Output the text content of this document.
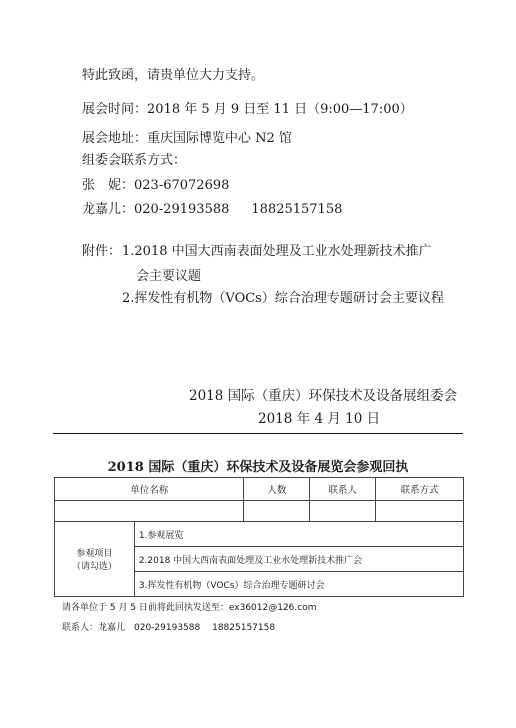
特此致函，请贵单位大力支持。
展会时间：2018 年 5 月 9 日至 11 日（9:00—17:00）
展会地址：重庆国际博览中心 N2 馆
组委会联系方式：
张　妮：023-67072698
龙嘉儿：020-29193588 18825157158
附件： 1.2018 中国大西南表面处理及工业水处理新技术推广
会主要议题
2.挥发性有机物（VOCs）综合治理专题研讨会主要议程
2018 国际（重庆）环保技术及设备展组委会
2018 年 4 月 10 日
2018 国际（重庆）环保技术及设备展览会参观回执
单位名称		人数	联系人	联系方式

参观项目
（请勾选）	1.参观展览			
	2.2018 中国大西南表面处理及工业水处理新技术推广会			
	3.挥发性有机物（VOCs）综合治理专题研讨会			
请各单位于 5 月 5 日前将此回执发送至：ex36012@126.com
联系人：龙嘉儿　020-29193588　 18825157158
